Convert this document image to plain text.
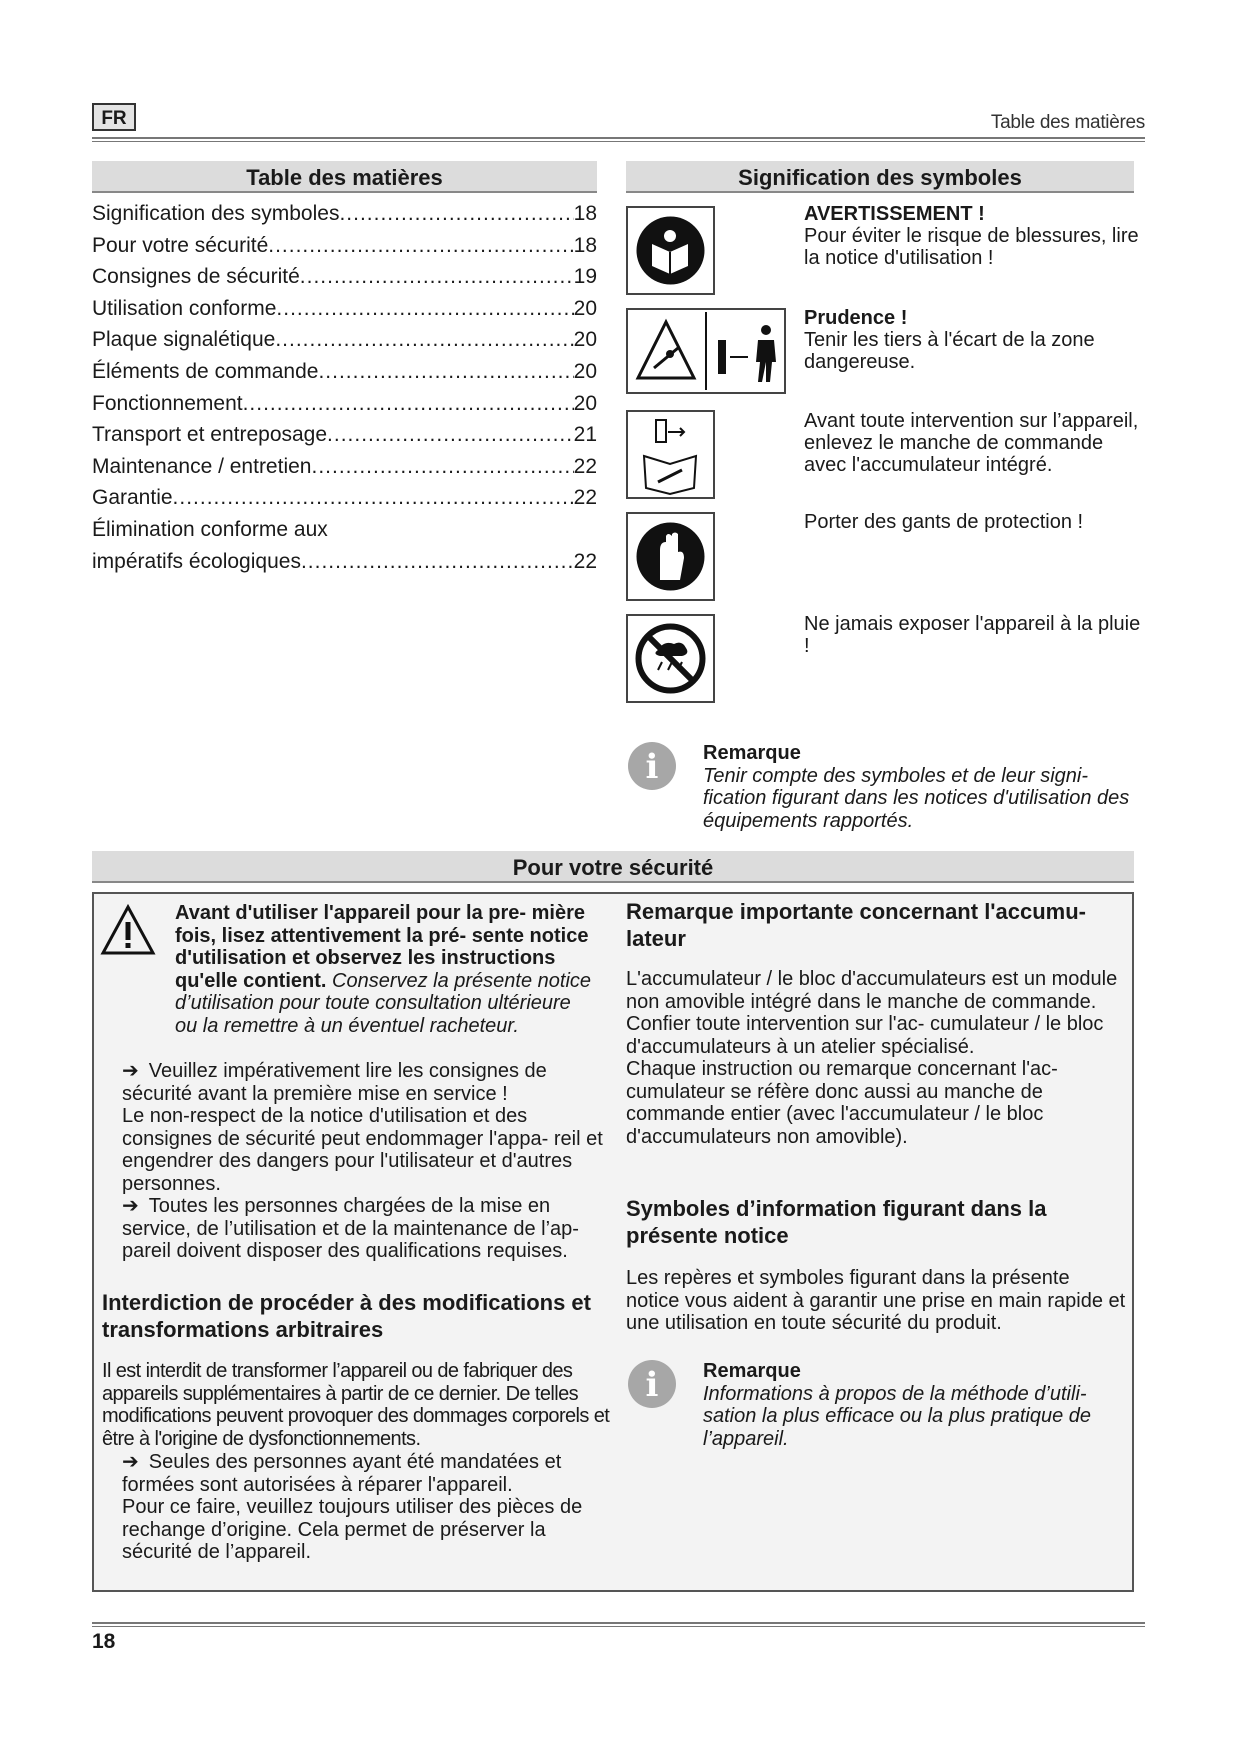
FR	Table des matières
Table des matières
Signification des symboles .....	18
Pour votre sécurité .....	18
Consignes de sécurité .....	19
Utilisation conforme .....	20
Plaque signalétique .....	20
Éléments de commande .....	20
Fonctionnement .....	20
Transport et entreposage .....	21
Maintenance / entretien .....	22
Garantie .....	22
Élimination conforme aux
impératifs écologiques .....	22
Signification des symboles
AVERTISSEMENT !
Pour éviter le risque de blessures, lire la notice d'utilisation !
Prudence !
Tenir les tiers à l'écart de la zone dangereuse.
Avant toute intervention sur l’appareil, enlevez le manche de commande avec l'accumulateur intégré.
Porter des gants de protection !
Ne jamais exposer l'appareil à la pluie !
i	Remarque
Tenir compte des symboles et de leur signi- fication figurant dans les notices d'utilisation des équipements rapportés.
Pour votre sécurité
Avant d'utiliser l'appareil pour la pre- mière fois, lisez attentivement la pré- sente notice d'utilisation et observez les instructions qu'elle contient. Conservez la présente notice d’utilisation pour toute consultation ultérieure ou la remettre à un éventuel racheteur.
➔ Veuillez impérativement lire les consignes de sécurité avant la première mise en service !
Le non-respect de la notice d'utilisation et des consignes de sécurité peut endommager l'appa- reil et engendrer des dangers pour l'utilisateur et d'autres personnes.
➔ Toutes les personnes chargées de la mise en service, de l’utilisation et de la maintenance de l’ap- pareil doivent disposer des qualifications requises.
Interdiction de procéder à des modifications et transformations arbitraires
Il est interdit de transformer l’appareil ou de fabriquer des appareils supplémentaires à partir de ce dernier. De telles modifications peuvent provoquer des dommages corporels et être à l'origine de dysfonctionnements.
➔ Seules des personnes ayant été mandatées et formées sont autorisées à réparer l'appareil.
Pour ce faire, veuillez toujours utiliser des pièces de rechange d’origine. Cela permet de préserver la sécurité de l’appareil.
Remarque importante concernant l'accumu- lateur
L'accumulateur / le bloc d'accumulateurs est un module non amovible intégré dans le manche de commande. Confier toute intervention sur l'ac- cumulateur / le bloc d'accumulateurs à un atelier spécialisé.
Chaque instruction ou remarque concernant l'ac- cumulateur se réfère donc aussi au manche de commande entier (avec l'accumulateur / le bloc d'accumulateurs non amovible).
Symboles d’information figurant dans la présente notice
Les repères et symboles figurant dans la présente notice vous aident à garantir une prise en main rapide et une utilisation en toute sécurité du produit.
i	Remarque
Informations à propos de la méthode d’utili- sation la plus efficace ou la plus pratique de l’appareil.
18
